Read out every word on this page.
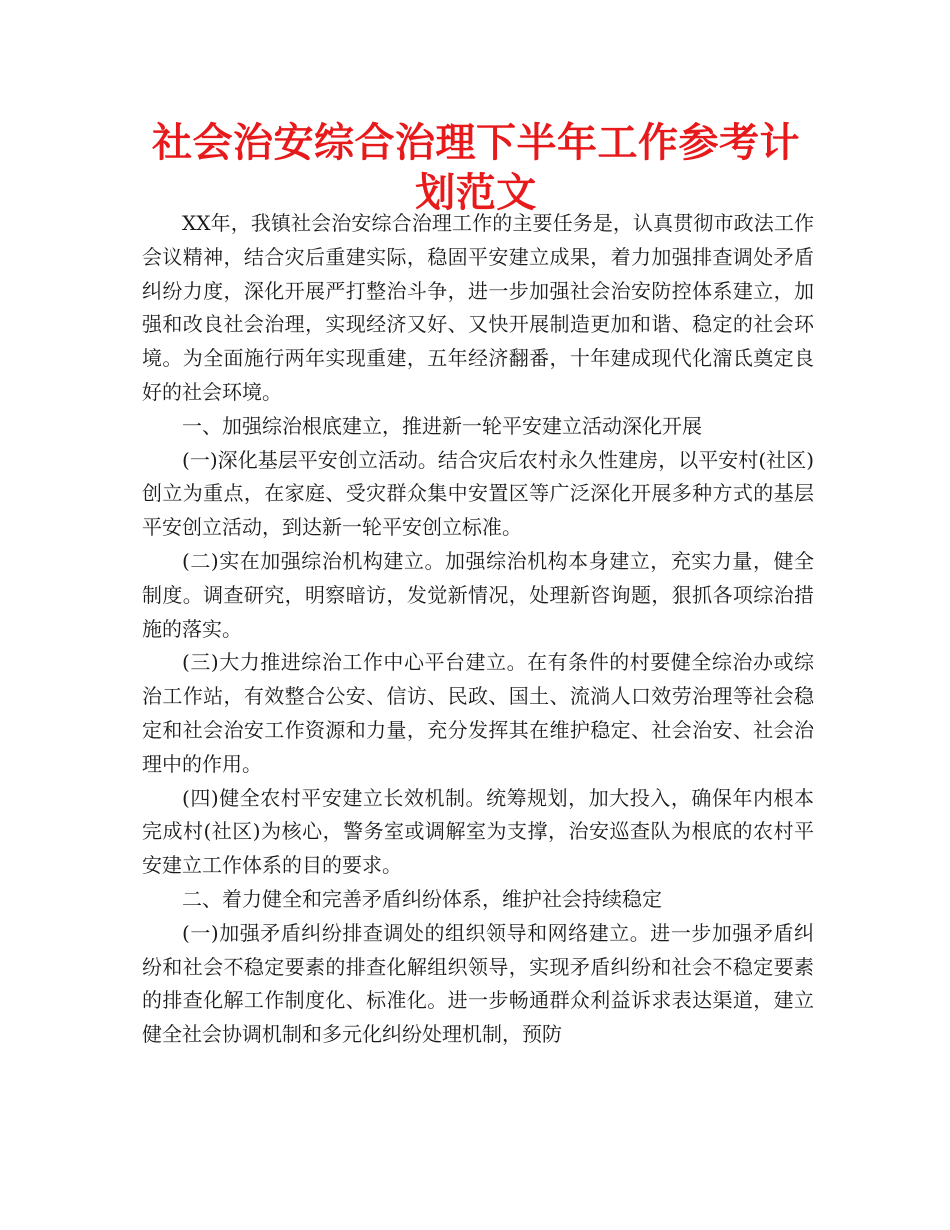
社会治安综合治理下半年工作参考计划范文

XX年，我镇社会治安综合治理工作的主要任务是，认真贯彻市政法工作会议精神，结合灾后重建实际，稳固平安建立成果，着力加强排查调处矛盾纠纷力度，深化开展严打整治斗争，进一步加强社会治安防控体系建立，加强和改良社会治理，实现经济又好、又快开展制造更加和谐、稳定的社会环境。为全面施行两年实现重建，五年经济翻番，十年建成现代化澝氐奠定良好的社会环境。

一、加强综治根底建立，推进新一轮平安建立活动深化开展

(一)深化基层平安创立活动。结合灾后农村永久性建房，以平安村(社区)创立为重点，在家庭、受灾群众集中安置区等广泛深化开展多种方式的基层平安创立活动，到达新一轮平安创立标准。

(二)实在加强综治机构建立。加强综治机构本身建立，充实力量，健全制度。调查研究，明察暗访，发觉新情况，处理新咨询题，狠抓各项综治措施的落实。

(三)大力推进综治工作中心平台建立。在有条件的村要健全综治办或综治工作站，有效整合公安、信访、民政、国土、流淌人口效劳治理等社会稳定和社会治安工作资源和力量，充分发挥其在维护稳定、社会治安、社会治理中的作用。

(四)健全农村平安建立长效机制。统筹规划，加大投入，确保年内根本完成村(社区)为核心，警务室或调解室为支撑，治安巡查队为根底的农村平安建立工作体系的目的要求。

二、着力健全和完善矛盾纠纷体系，维护社会持续稳定

(一)加强矛盾纠纷排查调处的组织领导和网络建立。进一步加强矛盾纠纷和社会不稳定要素的排查化解组织领导，实现矛盾纠纷和社会不稳定要素的排查化解工作制度化、标准化。进一步畅通群众利益诉求表达渠道，建立健全社会协调机制和多元化纠纷处理机制，预防
